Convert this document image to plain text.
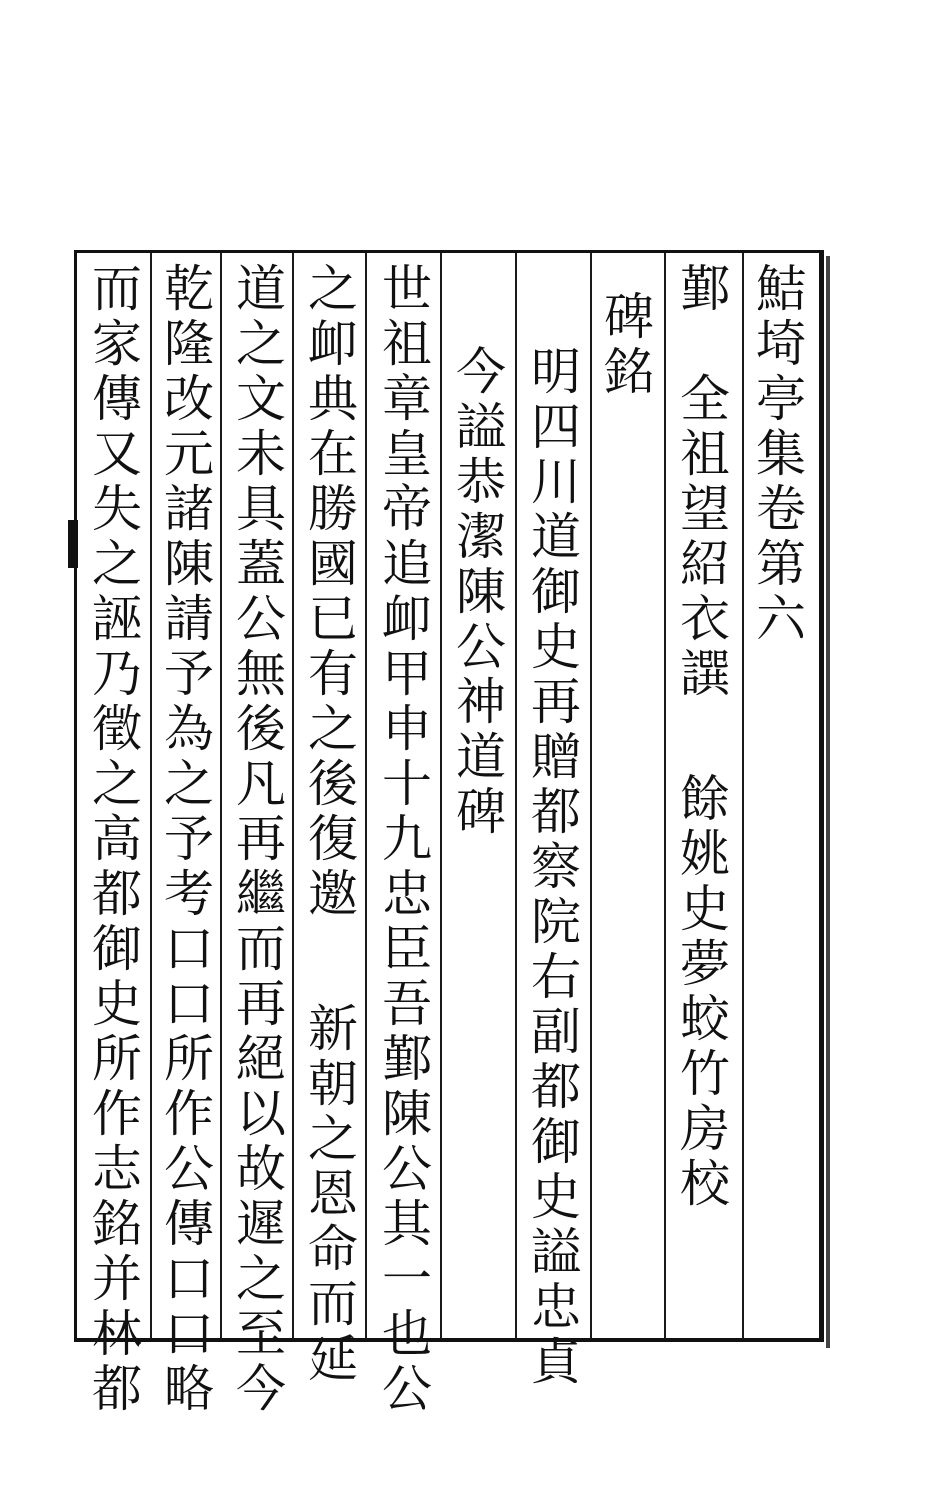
鮚埼亭集卷第六
鄞　全祖望紹衣譔餘姚史夢蛟竹房校
碑銘
明四川道御史再贈都察院右副都御史謚忠貞
今謚恭潔陳公神道碑
世祖章皇帝追卹甲申十九忠臣吾鄞陳公其一也公
之卹典在勝國已有之後復邀新朝之恩命而延
道之文未具蓋公無後凡再繼而再絕以故遲之至今
乾隆改元諸陳請予為之予考口口所作公傳口口略
而家傳又失之誣乃徵之高都御史所作志銘并林都
